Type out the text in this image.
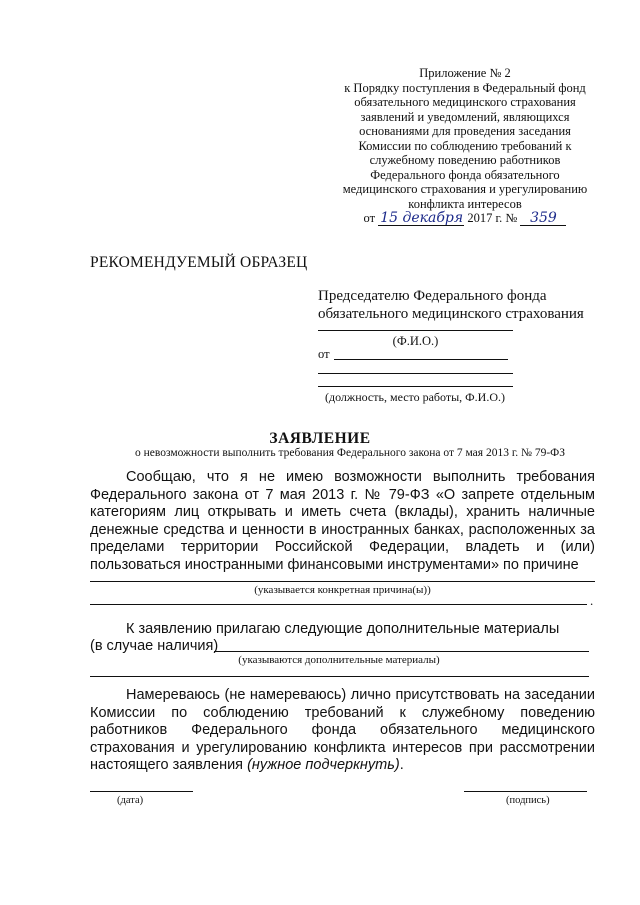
Приложение № 2
к Порядку поступления в Федеральный фонд
обязательного медицинского страхования
заявлений и уведомлений, являющихся
основаниями для проведения заседания
Комиссии по соблюдению требований к
служебному поведению работников
Федерального фонда обязательного
медицинского страхования и урегулированию
конфликта интересов
от
15 декабря
2017 г. №
359
РЕКОМЕНДУЕМЫЙ ОБРАЗЕЦ
Председателю Федерального фонда
обязательного медицинского страхования
(Ф.И.О.)
от
(должность, место работы, Ф.И.О.)
ЗАЯВЛЕНИЕ
о невозможности выполнить требования Федерального закона от 7 мая 2013 г. № 79-ФЗ
Сообщаю, что я не имею возможности выполнить требования Федерального закона от 7 мая 2013 г. № 79-ФЗ «О запрете отдельным категориям лиц открывать и иметь счета (вклады), хранить наличные денежные средства и ценности в иностранных банках, расположенных за пределами территории Российской Федерации, владеть и (или) пользоваться иностранными финансовыми инструментами» по причине
(указывается конкретная причина(ы))
.
К заявлению прилагаю следующие дополнительные материалы
(в случае наличия)
(указываются дополнительные материалы)
Намереваюсь (не намереваюсь) лично присутствовать на заседании Комиссии по соблюдению требований к служебному поведению работников Федерального фонда обязательного медицинского страхования и урегулированию конфликта интересов при рассмотрении настоящего заявления (нужное подчеркнуть).
(дата)	(подпись)
